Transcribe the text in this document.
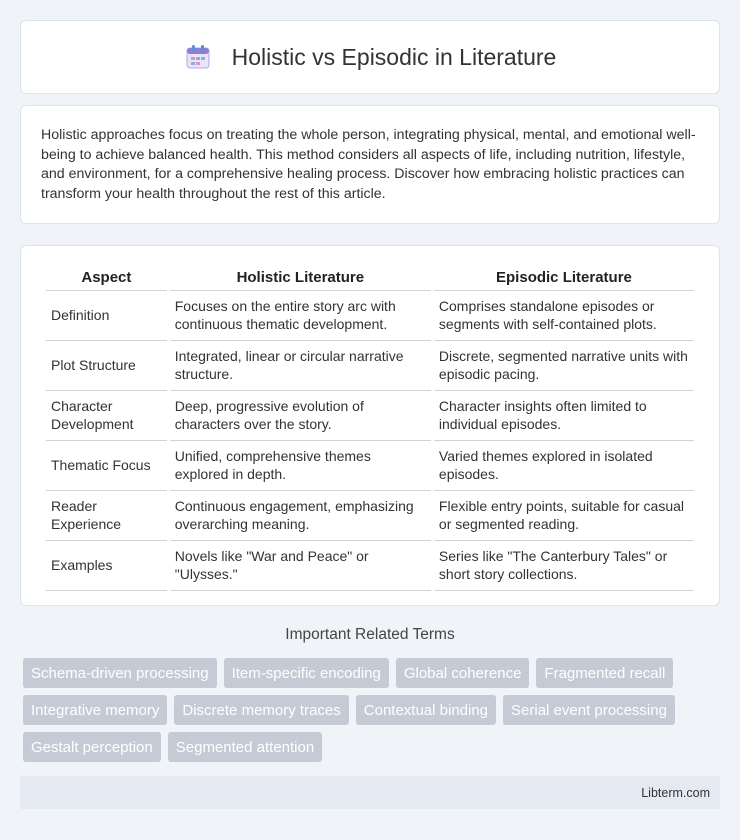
Holistic vs Episodic in Literature

Holistic approaches focus on treating the whole person, integrating physical, mental, and emotional well-being to achieve balanced health. This method considers all aspects of life, including nutrition, lifestyle, and environment, for a comprehensive healing process. Discover how embracing holistic practices can transform your health throughout the rest of this article.

Aspect	Holistic Literature	Episodic Literature
Definition	Focuses on the entire story arc with continuous thematic development.	Comprises standalone episodes or segments with self-contained plots.
Plot Structure	Integrated, linear or circular narrative structure.	Discrete, segmented narrative units with episodic pacing.
Character Development	Deep, progressive evolution of characters over the story.	Character insights often limited to individual episodes.
Thematic Focus	Unified, comprehensive themes explored in depth.	Varied themes explored in isolated episodes.
Reader Experience	Continuous engagement, emphasizing overarching meaning.	Flexible entry points, suitable for casual or segmented reading.
Examples	Novels like "War and Peace" or "Ulysses."	Series like "The Canterbury Tales" or short story collections.
Important Related Terms
Schema-driven processing	Item-specific encoding	Global coherence	Fragmented recall
Integrative memory	Discrete memory traces	Contextual binding	Serial event processing
Gestalt perception	Segmented attention
Libterm.com
